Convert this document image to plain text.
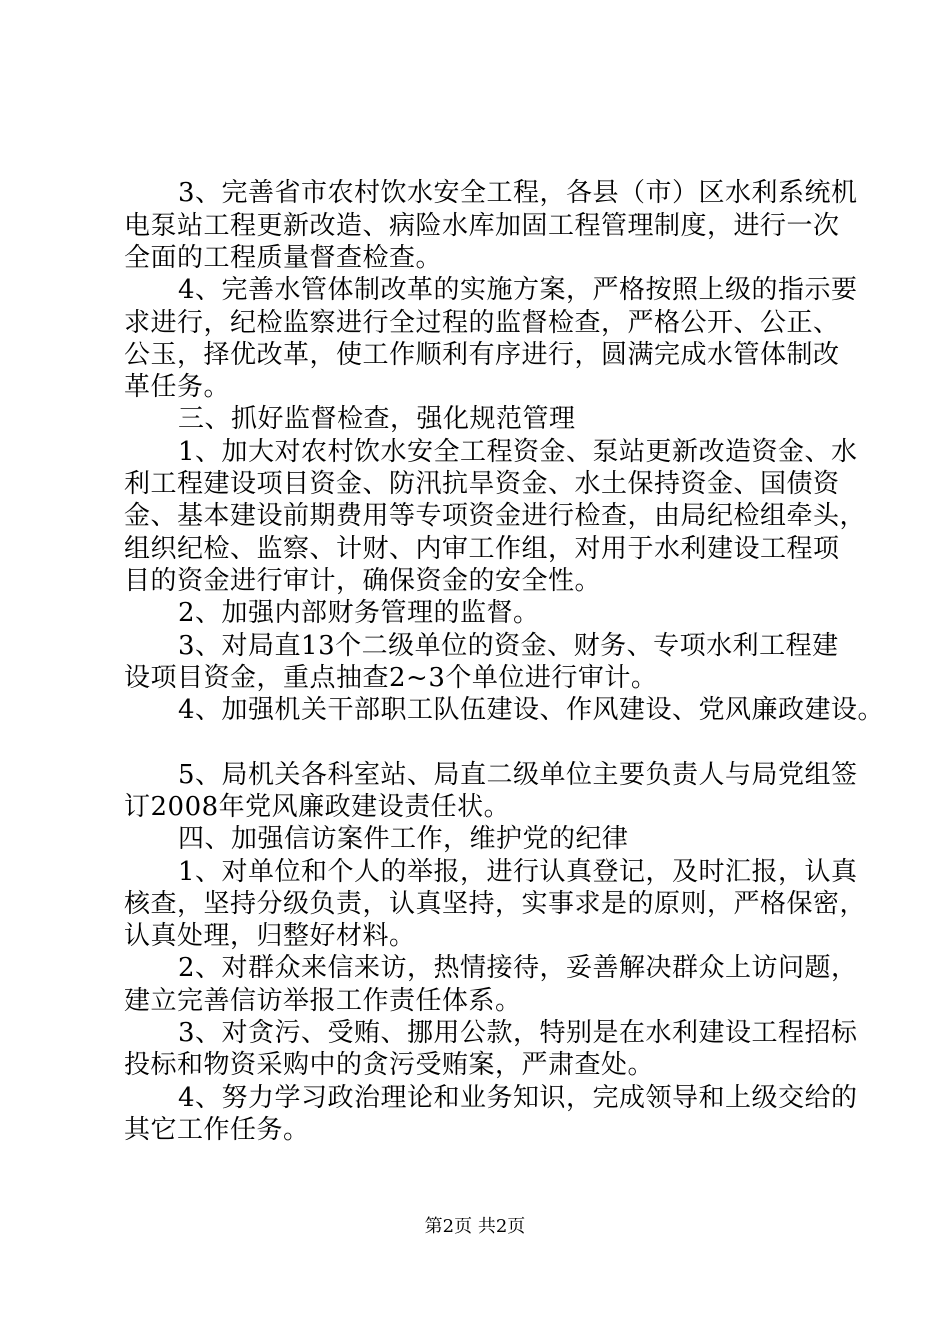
3、完善省市农村饮水安全工程，各县（市）区水利系统机
电泵站工程更新改造、病险水库加固工程管理制度，进行一次
全面的工程质量督查检查。
4、完善水管体制改革的实施方案，严格按照上级的指示要
求进行，纪检监察进行全过程的监督检查，严格公开、公正、
公玉，择优改革，使工作顺利有序进行，圆满完成水管体制改
革任务。
三、抓好监督检查，强化规范管理
1、加大对农村饮水安全工程资金、泵站更新改造资金、水
利工程建设项目资金、防汛抗旱资金、水土保持资金、国债资
金、基本建设前期费用等专项资金进行检查，由局纪检组牵头，
组织纪检、监察、计财、内审工作组，对用于水利建设工程项
目的资金进行审计，确保资金的安全性。
2、加强内部财务管理的监督。
3、对局直13个二级单位的资金、财务、专项水利工程建
设项目资金，重点抽查2~3个单位进行审计。
4、加强机关干部职工队伍建设、作风建设、党风廉政建设。
5、局机关各科室站、局直二级单位主要负责人与局党组签
订2008年党风廉政建设责任状。
四、加强信访案件工作，维护党的纪律
1、对单位和个人的举报，进行认真登记，及时汇报，认真
核查，坚持分级负责，认真坚持，实事求是的原则，严格保密，
认真处理，归整好材料。
2、对群众来信来访，热情接待，妥善解决群众上访问题，
建立完善信访举报工作责任体系。
3、对贪污、受贿、挪用公款，特别是在水利建设工程招标
投标和物资采购中的贪污受贿案，严肃查处。
4、努力学习政治理论和业务知识，完成领导和上级交给的
其它工作任务。
第2页 共2页
